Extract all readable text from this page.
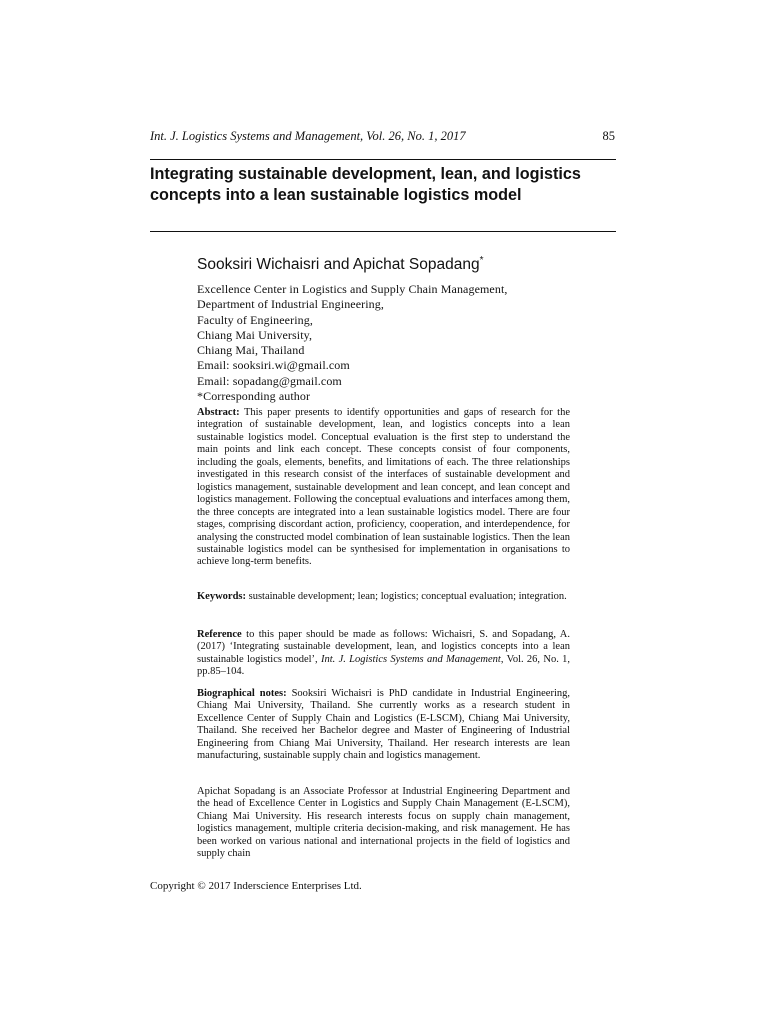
Int. J. Logistics Systems and Management, Vol. 26, No. 1, 2017	85
Integrating sustainable development, lean, and logistics concepts into a lean sustainable logistics model
Sooksiri Wichaisri and Apichat Sopadang*
Excellence Center in Logistics and Supply Chain Management,
Department of Industrial Engineering,
Faculty of Engineering,
Chiang Mai University,
Chiang Mai, Thailand
Email: sooksiri.wi@gmail.com
Email: sopadang@gmail.com
*Corresponding author

Abstract: This paper presents to identify opportunities and gaps of research for the integration of sustainable development, lean, and logistics concepts into a lean sustainable logistics model. Conceptual evaluation is the first step to understand the main points and link each concept. These concepts consist of four components, including the goals, elements, benefits, and limitations of each. The three relationships investigated in this research consist of the interfaces of sustainable development and logistics management, sustainable development and lean concept, and lean concept and logistics management. Following the conceptual evaluations and interfaces among them, the three concepts are integrated into a lean sustainable logistics model. There are four stages, comprising discordant action, proficiency, cooperation, and interdependence, for analysing the constructed model combination of lean sustainable logistics. Then the lean sustainable logistics model can be synthesised for implementation in organisations to achieve long-term benefits.

Keywords: sustainable development; lean; logistics; conceptual evaluation; integration.

Reference to this paper should be made as follows: Wichaisri, S. and Sopadang, A. (2017) ‘Integrating sustainable development, lean, and logistics concepts into a lean sustainable logistics model’, Int. J. Logistics Systems and Management, Vol. 26, No. 1, pp.85–104.

Biographical notes: Sooksiri Wichaisri is PhD candidate in Industrial Engineering, Chiang Mai University, Thailand. She currently works as a research student in Excellence Center of Supply Chain and Logistics (E-LSCM), Chiang Mai University, Thailand. She received her Bachelor degree and Master of Engineering of Industrial Engineering from Chiang Mai University, Thailand. Her research interests are lean manufacturing, sustainable supply chain and logistics management.

Apichat Sopadang is an Associate Professor at Industrial Engineering Department and the head of Excellence Center in Logistics and Supply Chain Management (E-LSCM), Chiang Mai University. His research interests focus on supply chain management, logistics management, multiple criteria decision-making, and risk management. He has been worked on various national and international projects in the field of logistics and supply chain

Copyright © 2017 Inderscience Enterprises Ltd.
